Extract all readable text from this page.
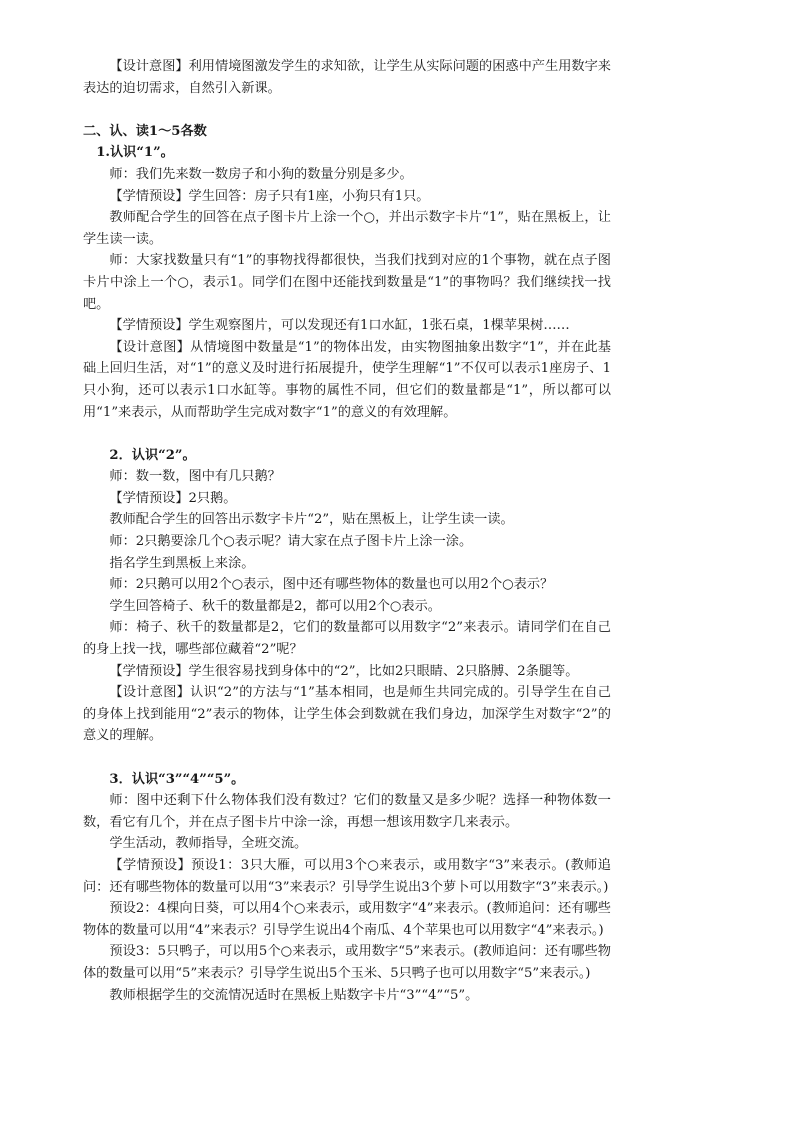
【设计意图】利用情境图激发学生的求知欲，让学生从实际问题的困惑中产生用数字来表达的迫切需求，自然引入新课。

二、认、读1～5各数

1.认识“1”。

师：我们先来数一数房子和小狗的数量分别是多少。

【学情预设】学生回答：房子只有1座，小狗只有1只。

教师配合学生的回答在点子图卡片上涂一个○，并出示数字卡片“1”，贴在黑板上，让学生读一读。

师：大家找数量只有“1”的事物找得都很快，当我们找到对应的1个事物，就在点子图卡片中涂上一个○，表示1。同学们在图中还能找到数量是“1”的事物吗？我们继续找一找吧。

【学情预设】学生观察图片，可以发现还有1口水缸，1张石桌，1棵苹果树……

【设计意图】从情境图中数量是“1”的物体出发，由实物图抽象出数字“1”，并在此基础上回归生活，对“1”的意义及时进行拓展提升，使学生理解“1”不仅可以表示1座房子、1只小狗，还可以表示1口水缸等。事物的属性不同，但它们的数量都是“1”，所以都可以用“1”来表示，从而帮助学生完成对数字“1”的意义的有效理解。

2．认识“2”。

师：数一数，图中有几只鹅？

【学情预设】2只鹅。

教师配合学生的回答出示数字卡片“2”，贴在黑板上，让学生读一读。

师：2只鹅要涂几个○表示呢？请大家在点子图卡片上涂一涂。

指名学生到黑板上来涂。

师：2只鹅可以用2个○表示，图中还有哪些物体的数量也可以用2个○表示？

学生回答椅子、秋千的数量都是2，都可以用2个○表示。

师：椅子、秋千的数量都是2，它们的数量都可以用数字“2”来表示。请同学们在自己的身上找一找，哪些部位藏着“2”呢？

【学情预设】学生很容易找到身体中的“2”，比如2只眼睛、2只胳膊、2条腿等。

【设计意图】认识“2”的方法与“1”基本相同，也是师生共同完成的。引导学生在自己的身体上找到能用“2”表示的物体，让学生体会到数就在我们身边，加深学生对数字“2”的意义的理解。

3．认识“3”“4”“5”。

师：图中还剩下什么物体我们没有数过？它们的数量又是多少呢？选择一种物体数一数，看它有几个，并在点子图卡片中涂一涂，再想一想该用数字几来表示。

学生活动，教师指导，全班交流。

【学情预设】预设1：3只大雁，可以用3个○来表示，或用数字“3”来表示。(教师追问：还有哪些物体的数量可以用“3”来表示？引导学生说出3个萝卜可以用数字“3”来表示。)

预设2：4棵向日葵，可以用4个○来表示，或用数字“4”来表示。(教师追问：还有哪些物体的数量可以用“4”来表示？引导学生说出4个南瓜、4个苹果也可以用数字“4”来表示。)

预设3：5只鸭子，可以用5个○来表示，或用数字“5”来表示。(教师追问：还有哪些物体的数量可以用“5”来表示？引导学生说出5个玉米、5只鸭子也可以用数字“5”来表示。)

教师根据学生的交流情况适时在黑板上贴数字卡片“3”“4”“5”。
